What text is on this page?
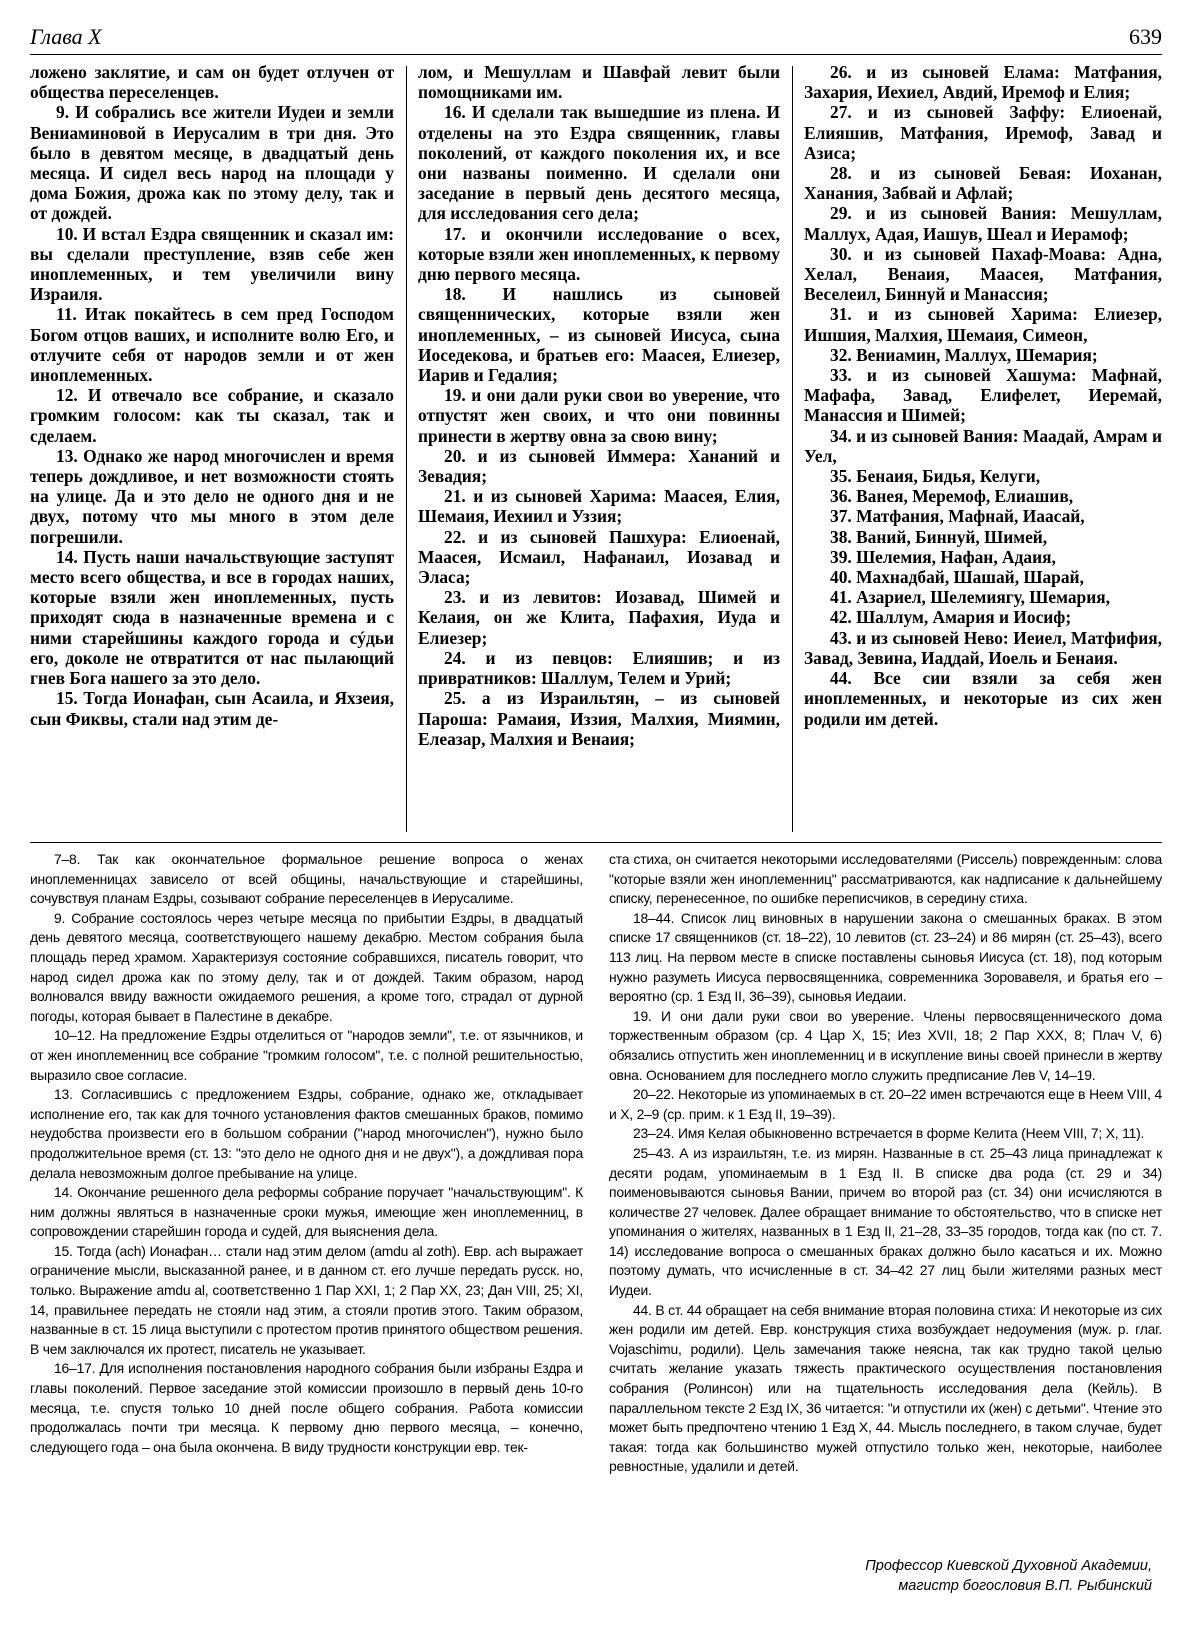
Глава X	639

ложено заклятие, и сам он будет отлучен от общества переселенцев.

9. И собрались все жители Иудеи и земли Вениаминовой в Иерусалим в три дня. Это было в девятом месяце, в двадцатый день месяца. И сидел весь народ на площади у дома Божия, дрожа как по этому делу, так и от дождей.

10. И встал Ездра священник и сказал им: вы сделали преступление, взяв себе жен иноплеменных, и тем увеличили вину Израиля.

11. Итак покайтесь в сем пред Господом Богом отцов ваших, и исполните волю Его, и отлучите себя от народов земли и от жен иноплеменных.

12. И отвечало все собрание, и сказало громким голосом: как ты сказал, так и сделаем.

13. Однако же народ многочислен и время теперь дождливое, и нет возможности стоять на улице. Да и это дело не одного дня и не двух, потому что мы много в этом деле погрешили.

14. Пусть наши начальствующие заступят место всего общества, и все в городах наших, которые взяли жен иноплеменных, пусть приходят сюда в назначенные времена и с ними старейшины каждого города и сýдьи его, доколе не отвратится от нас пылающий гнев Бога нашего за это дело.

15. Тогда Ионафан, сын Асаила, и Яхзеия, сын Фиквы, стали над этим де-

лом, и Мешуллам и Шавфай левит были помощниками им.

16. И сделали так вышедшие из плена. И отделены на это Ездра священник, главы поколений, от каждого поколения их, и все они названы поименно. И сделали они заседание в первый день десятого месяца, для исследования сего дела;

17. и окончили исследование о всех, которые взяли жен иноплеменных, к первому дню первого месяца.

18. И нашлись из сыновей священнических, которые взяли жен иноплеменных, – из сыновей Иисуса, сына Иоседекова, и братьев его: Маасея, Елиезер, Иарив и Гедалия;

19. и они дали руки свои во уверение, что отпустят жен своих, и что они повинны принести в жертву овна за свою вину;

20. и из сыновей Иммера: Хананий и Зевадия;

21. и из сыновей Харима: Маасея, Елия, Шемаия, Иехиил и Уззия;

22. и из сыновей Пашхура: Елиоенай, Маасея, Исмаил, Нафанаил, Иозавад и Эласа;

23. и из левитов: Иозавад, Шимей и Келаия, он же Клита, Пафахия, Иуда и Елиезер;

24. и из певцов: Елияшив; и из привратников: Шаллум, Телем и Урий;

25. а из Израильтян, – из сыновей Пароша: Рамаия, Иззия, Малхия, Миямин, Елеазар, Малхия и Венаия;

26. и из сыновей Елама: Матфания, Захария, Иехиел, Авдий, Иремоф и Елия;

27. и из сыновей Заффу: Елиоенай, Елияшив, Матфания, Иремоф, Завад и Азиса;

28. и из сыновей Бевая: Иоханан, Ханания, Забвай и Афлай;

29. и из сыновей Вания: Мешуллам, Маллух, Адая, Иашув, Шеал и Иерамоф;

30. и из сыновей Пахаф-Моава: Адна, Хелал, Венаия, Маасея, Матфания, Веселеил, Биннуй и Манассия;

31. и из сыновей Харима: Елиезер, Ишшия, Малхия, Шемаия, Симеон,

32. Вениамин, Маллух, Шемария;

33. и из сыновей Хашума: Мафнай, Мафафа, Завад, Елифелет, Иеремай, Манассия и Шимей;

34. и из сыновей Вания: Маадай, Амрам и Уел,

35. Бенаия, Бидья, Келуги,

36. Ванея, Меремоф, Елиашив,

37. Матфания, Мафнай, Иаасай,

38. Ваний, Биннуй, Шимей,

39. Шелемия, Нафан, Адаия,

40. Махнадбай, Шашай, Шарай,

41. Азариел, Шелемиягу, Шемария,

42. Шаллум, Амария и Иосиф;

43. и из сыновей Нево: Иеиел, Матфифия, Завад, Зевина, Иаддай, Иоель и Бенаия.

44. Все сии взяли за себя жен иноплеменных, и некоторые из сих жен родили им детей.

7–8. Так как окончательное формальное решение вопроса о женах иноплеменницах зависело от всей общины, начальствующие и старейшины, сочувствуя планам Ездры, созывают собрание переселенцев в Иерусалиме.

9. Собрание состоялось через четыре месяца по прибытии Ездры, в двадцатый день девятого месяца, соответствующего нашему декабрю. Местом собрания была площадь перед храмом. Характеризуя состояние собравшихся, писатель говорит, что народ сидел дрожа как по этому делу, так и от дождей. Таким образом, народ волновался ввиду важности ожидаемого решения, а кроме того, страдал от дурной погоды, которая бывает в Палестине в декабре.

10–12. На предложение Ездры отделиться от "народов земли", т.е. от язычников, и от жен иноплеменниц все собрание "громким голосом", т.е. с полной решительностью, выразило свое согласие.

13. Согласившись с предложением Ездры, собрание, однако же, откладывает исполнение его, так как для точного установления фактов смешанных браков, помимо неудобства произвести его в большом собрании ("народ многочислен"), нужно было продолжительное время (ст. 13: "это дело не одного дня и не двух"), а дождливая пора делала невозможным долгое пребывание на улице.

14. Окончание решенного дела реформы собрание поручает "начальствующим". К ним должны являться в назначенные сроки мужья, имеющие жен иноплеменниц, в сопровождении старейшин города и судей, для выяснения дела.

15. Тогда (ach) Ионафан… стали над этим делом (amdu al zoth). Евр. ach выражает ограничение мысли, высказанной ранее, и в данном ст. его лучше передать русск. но, только. Выражение amdu al, соответственно 1 Пар XXI, 1; 2 Пар XX, 23; Дан VIII, 25; XI, 14, правильнее передать не стояли над этим, а стояли против этого. Таким образом, названные в ст. 15 лица выступили с протестом против принятого обществом решения. В чем заключался их протест, писатель не указывает.

16–17. Для исполнения постановления народного собрания были избраны Ездра и главы поколений. Первое заседание этой комиссии произошло в первый день 10-го месяца, т.е. спустя только 10 дней после общего собрания. Работа комиссии продолжалась почти три месяца. К первому дню первого месяца, – конечно, следующего года – она была окончена. В виду трудности конструкции евр. тек-

ста стиха, он считается некоторыми исследователями (Риссель) поврежденным: слова "которые взяли жен иноплеменниц" рассматриваются, как надписание к дальнейшему списку, перенесенное, по ошибке переписчиков, в середину стиха.

18–44. Список лиц виновных в нарушении закона о смешанных браках. В этом списке 17 священников (ст. 18–22), 10 левитов (ст. 23–24) и 86 мирян (ст. 25–43), всего 113 лиц. На первом месте в списке поставлены сыновья Иисуса (ст. 18), под которым нужно разуметь Иисуса первосвященника, современника Зоровавеля, и братья его – вероятно (ср. 1 Езд II, 36–39), сыновья Иедаии.

19. И они дали руки свои во уверение. Члены первосвященнического дома торжественным образом (ср. 4 Цар X, 15; Иез XVII, 18; 2 Пар XXX, 8; Плач V, 6) обязались отпустить жен иноплеменниц и в искупление вины своей принесли в жертву овна. Основанием для последнего могло служить предписание Лев V, 14–19.

20–22. Некоторые из упоминаемых в ст. 20–22 имен встречаются еще в Неем VIII, 4 и X, 2–9 (ср. прим. к 1 Езд II, 19–39).

23–24. Имя Келая обыкновенно встречается в форме Келита (Неем VIII, 7; X, 11).

25–43. А из израильтян, т.е. из мирян. Названные в ст. 25–43 лица принадлежат к десяти родам, упоминаемым в 1 Езд II. В списке два рода (ст. 29 и 34) поименовываются сыновья Вании, причем во второй раз (ст. 34) они исчисляются в количестве 27 человек. Далее обращает внимание то обстоятельство, что в списке нет упоминания о жителях, названных в 1 Езд II, 21–28, 33–35 городов, тогда как (по ст. 7. 14) исследование вопроса о смешанных браках должно было касаться и их. Можно поэтому думать, что исчисленные в ст. 34–42 27 лиц были жителями разных мест Иудеи.

44. В ст. 44 обращает на себя внимание вторая половина стиха: И некоторые из сих жен родили им детей. Евр. конструкция стиха возбуждает недоумения (муж. р. глаг. Vojaschimu, родили). Цель замечания также неясна, так как трудно такой целью считать желание указать тяжесть практического осуществления постановления собрания (Ролинсон) или на тщательность исследования дела (Кейль). В параллельном тексте 2 Езд IX, 36 читается: "и отпустили их (жен) с детьми". Чтение это может быть предпочтено чтению 1 Езд X, 44. Мысль последнего, в таком случае, будет такая: тогда как большинство мужей отпустило только жен, некоторые, наиболее ревностные, удалили и детей.

Профессор Киевской Духовной Академии,
магистр богословия В.П. Рыбинский
